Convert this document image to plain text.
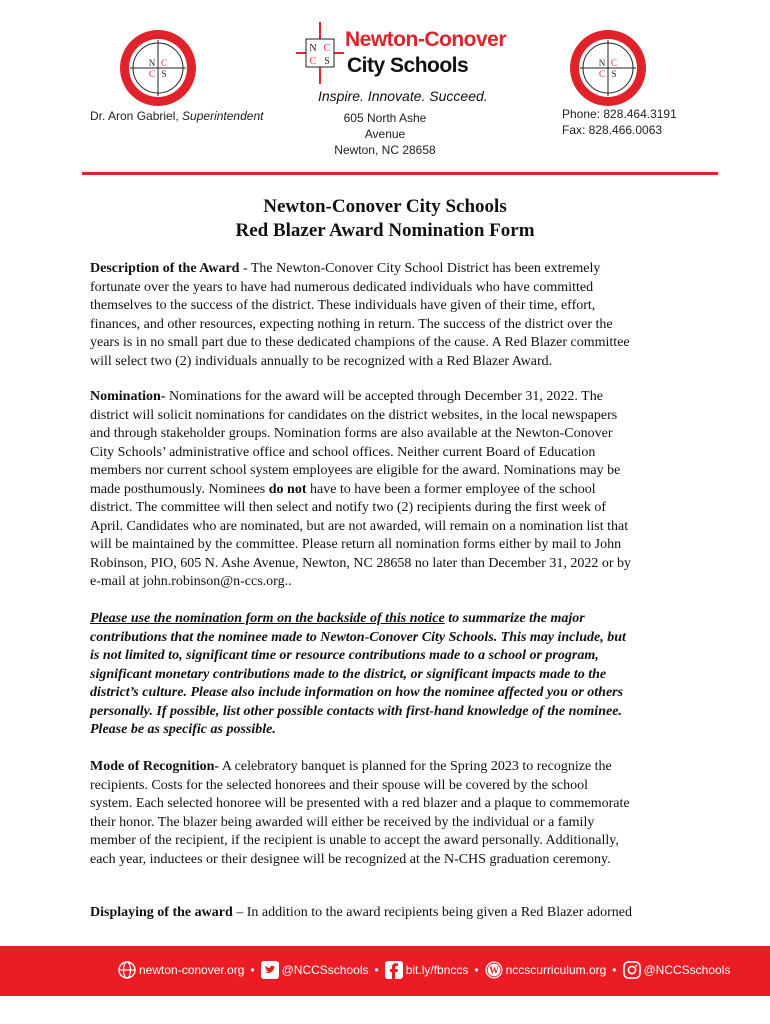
N C
C S
N C
C S
N C
C S
Newton-Conover
City Schools
Inspire. Innovate. Succeed.
Dr. Aron Gabriel, Superintendent	605 North Ashe Avenue
Newton, NC 28658
Phone: 828.464.3191
Fax: 828.466.0063
Newton-Conover City Schools
Red Blazer Award Nomination Form
Description of the Award - The Newton-Conover City School District has been extremely
fortunate over the years to have had numerous dedicated individuals who have committed
themselves to the success of the district. These individuals have given of their time, effort,
finances, and other resources, expecting nothing in return. The success of the district over the
years is in no small part due to these dedicated champions of the cause. A Red Blazer committee
will select two (2) individuals annually to be recognized with a Red Blazer Award.
Nomination- Nominations for the award will be accepted through December 31, 2022. The
district will solicit nominations for candidates on the district websites, in the local newspapers
and through stakeholder groups. Nomination forms are also available at the Newton-Conover
City Schools’ administrative office and school offices. Neither current Board of Education
members nor current school system employees are eligible for the award. Nominations may be
made posthumously. Nominees do not have to have been a former employee of the school
district. The committee will then select and notify two (2) recipients during the first week of
April. Candidates who are nominated, but are not awarded, will remain on a nomination list that
will be maintained by the committee. Please return all nomination forms either by mail to John
Robinson, PIO, 605 N. Ashe Avenue, Newton, NC 28658 no later than December 31, 2022 or by
e-mail at john.robinson@n-ccs.org..
Please use the nomination form on the backside of this notice to summarize the major
contributions that the nominee made to Newton-Conover City Schools. This may include, but
is not limited to, significant time or resource contributions made to a school or program,
significant monetary contributions made to the district, or significant impacts made to the
district’s culture. Please also include information on how the nominee affected you or others
personally. If possible, list other possible contacts with first-hand knowledge of the nominee.
Please be as specific as possible.
Mode of Recognition- A celebratory banquet is planned for the Spring 2023 to recognize the
recipients. Costs for the selected honorees and their spouse will be covered by the school
system. Each selected honoree will be presented with a red blazer and a plaque to commemorate
their honor. The blazer being awarded will either be received by the individual or a family
member of the recipient, if the recipient is unable to accept the award personally. Additionally,
each year, inductees or their designee will be recognized at the N-CHS graduation ceremony.
Displaying of the award – In addition to the award recipients being given a Red Blazer adorned
newton-conover.org • @NCCSschools • bit.ly/fbnccs • W nccscurriculum.org • @NCCSschools
